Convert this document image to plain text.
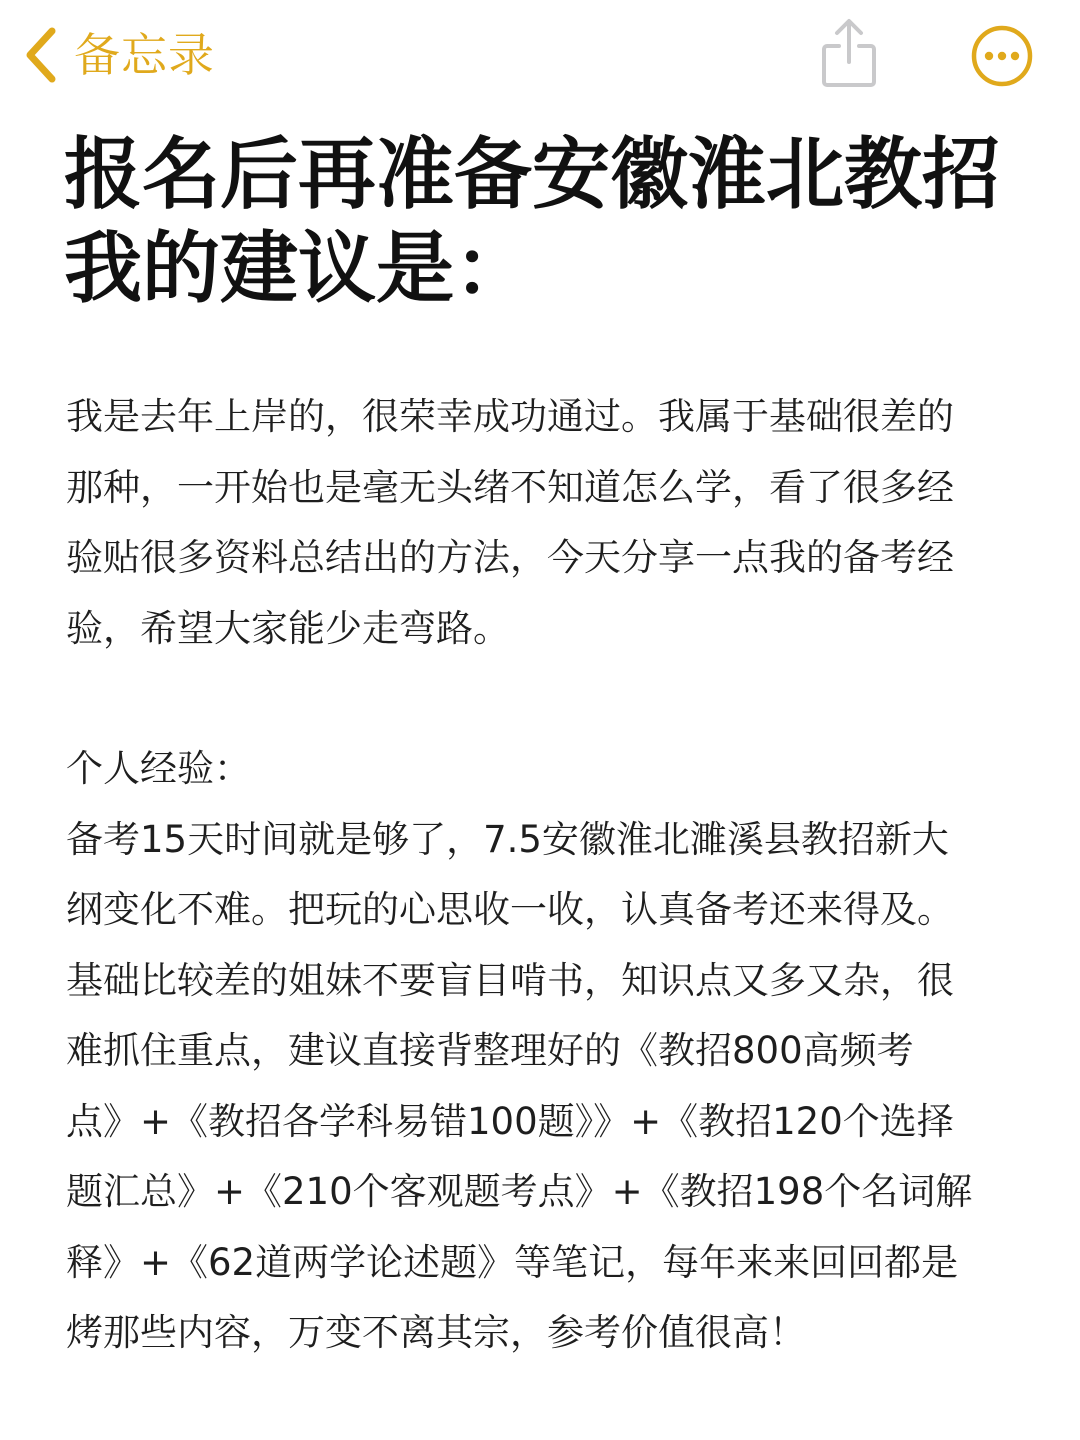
备忘录
报名后再准备安徽淮北教招
我的建议是：
我是去年上岸的，很荣幸成功通过。我属于基础很差的
那种，一开始也是毫无头绪不知道怎么学，看了很多经
验贴很多资料总结出的方法，今天分享一点我的备考经
验，希望大家能少走弯路。
个人经验：
备考15天时间就是够了，7.5安徽淮北濉溪县教招新大
纲变化不难。把玩的心思收一收，认真备考还来得及。
基础比较差的姐妹不要盲目啃书，知识点又多又杂，很
难抓住重点，建议直接背整理好的《教招800高频考
点》+《教招各学科易错100题》》+《教招120个选择
题汇总》+《210个客观题考点》+《教招198个名词解
释》+《62道两学论述题》等笔记，每年来来回回都是
烤那些内容，万变不离其宗，参考价值很高！
